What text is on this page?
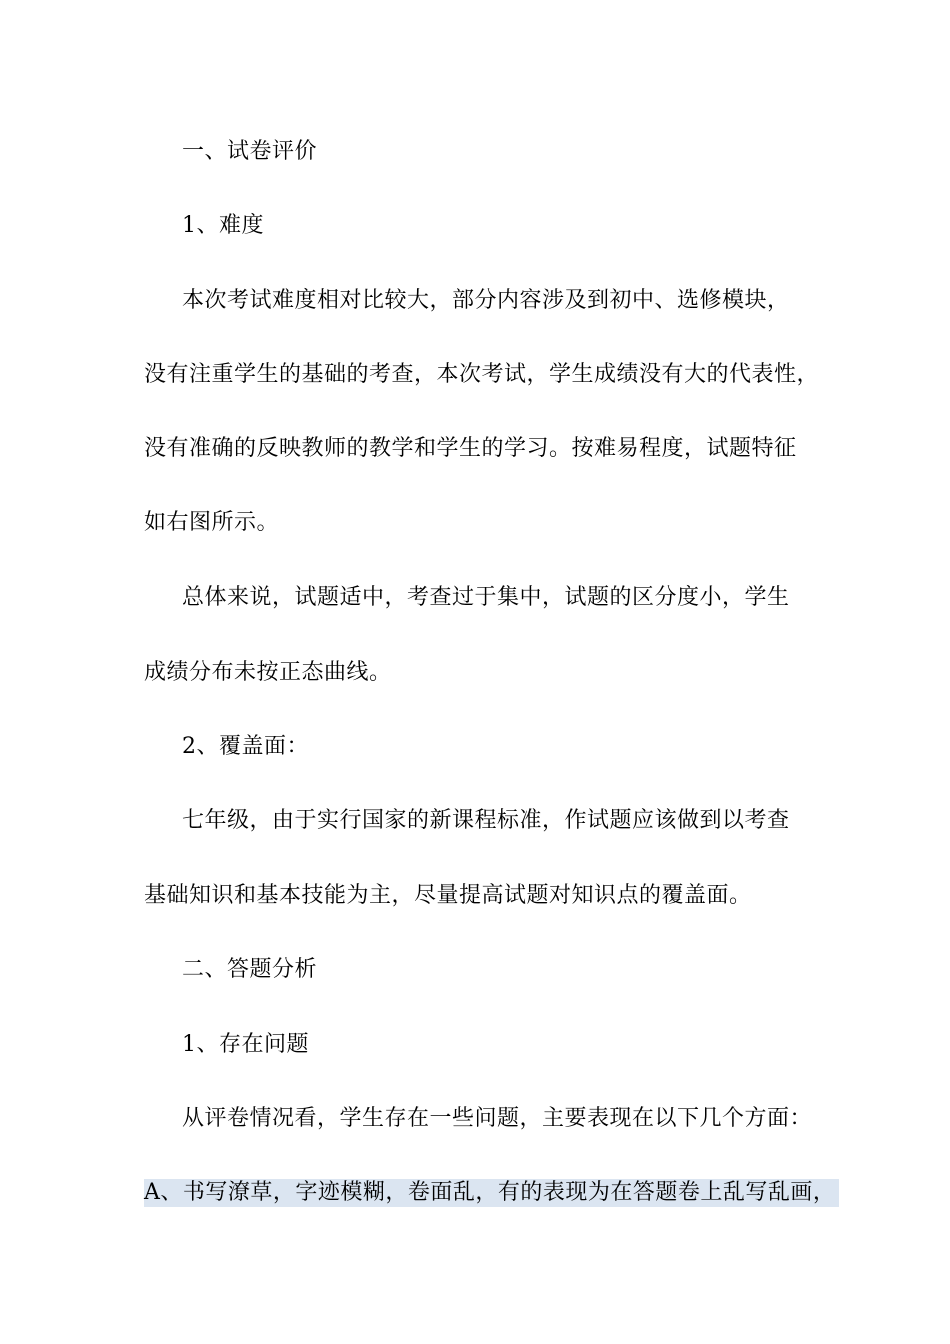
一、试卷评价
1、难度
本次考试难度相对比较大，部分内容涉及到初中、选修模块，
没有注重学生的基础的考查，本次考试，学生成绩没有大的代表性，
没有准确的反映教师的教学和学生的学习。按难易程度，试题特征
如右图所示。
总体来说，试题适中，考查过于集中，试题的区分度小，学生
成绩分布未按正态曲线。
2、覆盖面：
七年级，由于实行国家的新课程标准，作试题应该做到以考查
基础知识和基本技能为主，尽量提高试题对知识点的覆盖面。
二、答题分析
1、存在问题
从评卷情况看，学生存在一些问题，主要表现在以下几个方面：
A、书写潦草，字迹模糊，卷面乱，有的表现为在答题卷上乱写乱画，
